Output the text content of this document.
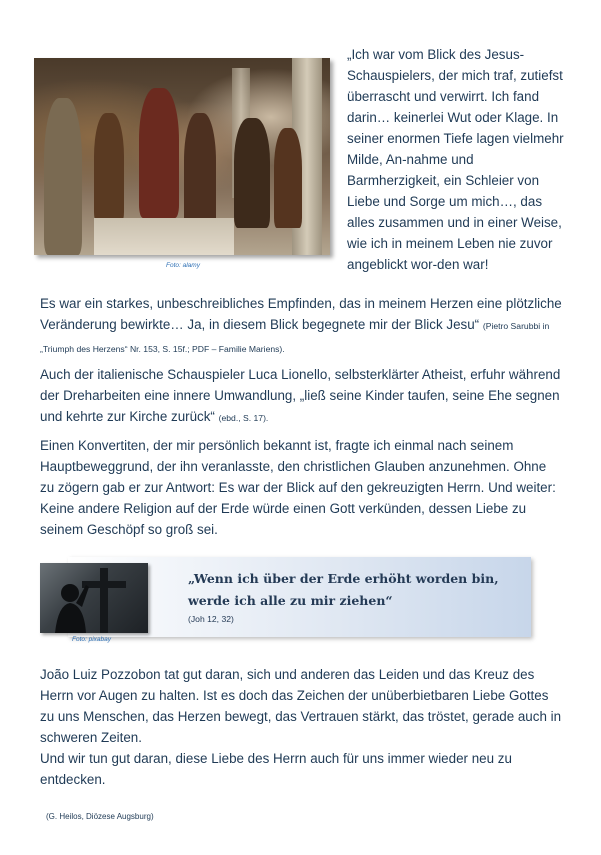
Foto: alamy

„Ich war vom Blick des Jesus-Schauspielers, der mich traf, zutiefst überrascht und verwirrt. Ich fand darin… keinerlei Wut oder Klage. In seiner enormen Tiefe lagen vielmehr Milde, An-nahme und Barmherzigkeit, ein Schleier von Liebe und Sorge um mich…, das alles zusammen und in einer Weise, wie ich in meinem Leben nie zuvor angeblickt wor-den war!

Es war ein starkes, unbeschreibliches Empfinden, das in meinem Herzen eine plötzliche Veränderung bewirkte… Ja, in diesem Blick begegnete mir der Blick Jesu“ (Pietro Sarubbi in „Triumph des Herzens“ Nr. 153, S. 15f.; PDF – Familie Mariens).

Auch der italienische Schauspieler Luca Lionello, selbsterklärter Atheist, erfuhr während der Dreharbeiten eine innere Umwandlung, „ließ seine Kinder taufen, seine Ehe segnen und kehrte zur Kirche zurück“ (ebd., S. 17).

Einen Konvertiten, der mir persönlich bekannt ist, fragte ich einmal nach seinem Hauptbeweggrund, der ihn veranlasste, den christlichen Glauben anzunehmen. Ohne zu zögern gab er zur Antwort: Es war der Blick auf den gekreuzigten Herrn. Und weiter: Keine andere Religion auf der Erde würde einen Gott verkünden, dessen Liebe zu seinem Geschöpf so groß sei.

„Wenn ich über der Erde erhöht worden bin, werde ich alle zu mir ziehen“
(Joh 12, 32)
Foto: pixabay

João Luiz Pozzobon tat gut daran, sich und anderen das Leiden und das Kreuz des Herrn vor Augen zu halten. Ist es doch das Zeichen der unüberbietbaren Liebe Gottes zu uns Menschen, das Herzen bewegt, das Vertrauen stärkt, das tröstet, gerade auch in schweren Zeiten.

Und wir tun gut daran, diese Liebe des Herrn auch für uns immer wieder neu zu entdecken.

(G. Heilos, Diözese Augsburg)
